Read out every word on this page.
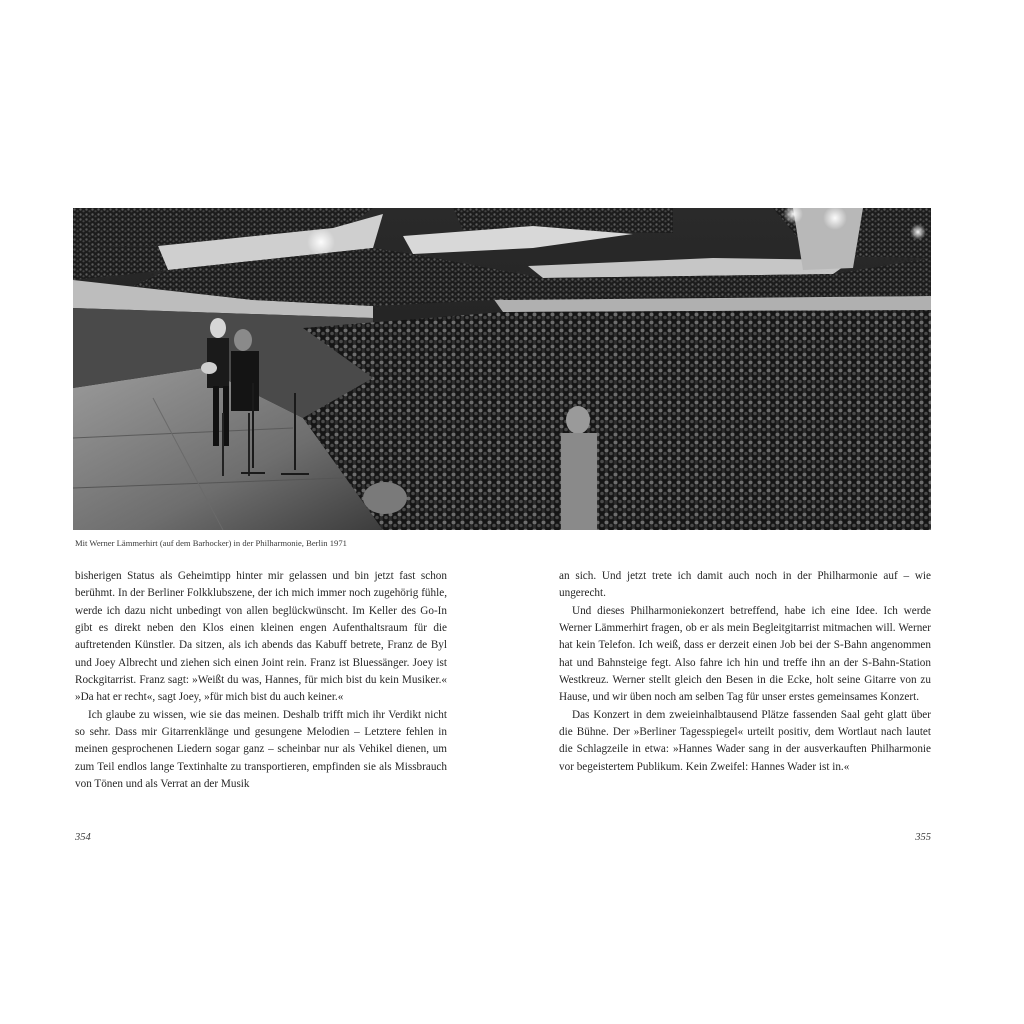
Mit Werner Lämmerhirt (auf dem Barhocker) in der Philharmonie, Berlin 1971

bisherigen Status als Geheimtipp hinter mir gelassen und bin jetzt fast schon berühmt. In der Berliner Folkklubszene, der ich mich immer noch zugehörig fühle, werde ich dazu nicht unbedingt von allen beglückwünscht. Im Keller des Go-In gibt es direkt neben den Klos einen kleinen engen Aufenthaltsraum für die auftretenden Künstler. Da sitzen, als ich abends das Kabuff betrete, Franz de Byl und Joey Albrecht und ziehen sich einen Joint rein. Franz ist Bluessänger. Joey ist Rockgitarrist. Franz sagt: »Weißt du was, Hannes, für mich bist du kein Musiker.« »Da hat er recht«, sagt Joey, »für mich bist du auch keiner.«

Ich glaube zu wissen, wie sie das meinen. Deshalb trifft mich ihr Verdikt nicht so sehr. Dass mir Gitarrenklänge und gesungene Melodien – Letztere fehlen in meinen gesprochenen Liedern sogar ganz – scheinbar nur als Vehikel dienen, um zum Teil endlos lange Textinhalte zu transportieren, empfinden sie als Missbrauch von Tönen und als Verrat an der Musik

an sich. Und jetzt trete ich damit auch noch in der Philharmonie auf – wie ungerecht.

Und dieses Philharmoniekonzert betreffend, habe ich eine Idee. Ich werde Werner Lämmerhirt fragen, ob er als mein Begleitgitarrist mitmachen will. Werner hat kein Telefon. Ich weiß, dass er derzeit einen Job bei der S-Bahn angenommen hat und Bahnsteige fegt. Also fahre ich hin und treffe ihn an der S-Bahn-Station Westkreuz. Werner stellt gleich den Besen in die Ecke, holt seine Gitarre von zu Hause, und wir üben noch am selben Tag für unser erstes gemeinsames Konzert.

Das Konzert in dem zweieinhalbtausend Plätze fassenden Saal geht glatt über die Bühne. Der »Berliner Tagesspiegel« urteilt positiv, dem Wortlaut nach lautet die Schlagzeile in etwa: »Hannes Wader sang in der ausverkauften Philharmonie vor begeistertem Publikum. Kein Zweifel: Hannes Wader ist in.«

354	355
